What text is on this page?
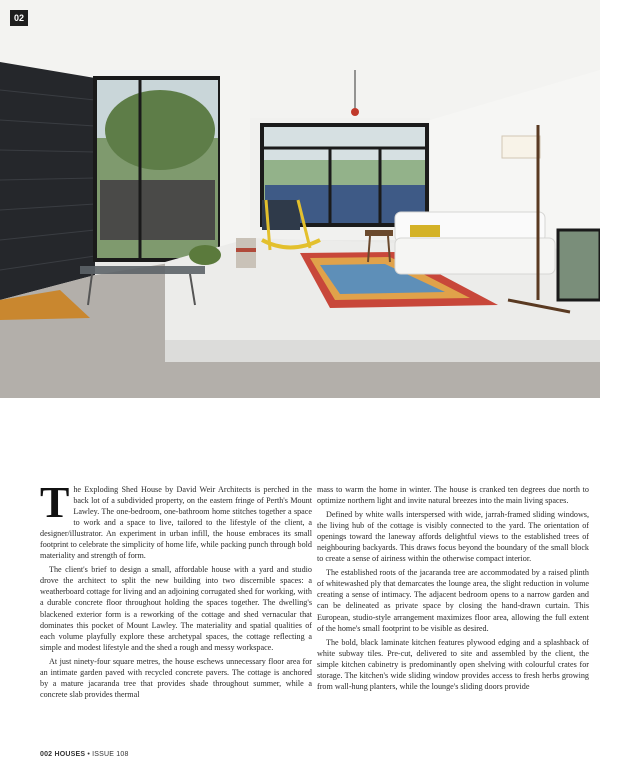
02

The Exploding Shed House by David Weir Architects is perched in the back lot of a subdivided property, on the eastern fringe of Perth's Mount Lawley. The one-bedroom, one-bathroom home stitches together a space to work and a space to live, tailored to the lifestyle of the client, a designer/illustrator. An experiment in urban infill, the house embraces its small footprint to celebrate the simplicity of home life, while packing punch through bold materiality and strength of form.

The client's brief to design a small, affordable house with a yard and studio drove the architect to split the new building into two discernible spaces: a weatherboard cottage for living and an adjoining corrugated shed for working, with a durable concrete floor throughout holding the spaces together. The dwelling's blackened exterior form is a reworking of the cottage and shed vernacular that dominates this pocket of Mount Lawley. The materiality and spatial qualities of each volume playfully explore these archetypal spaces, the cottage reflecting a simple and modest lifestyle and the shed a rough and messy workspace.

At just ninety-four square metres, the house eschews unnecessary floor area for an intimate garden paved with recycled concrete pavers. The cottage is anchored by a mature jacaranda tree that provides shade throughout summer, while a concrete slab provides thermal

mass to warm the home in winter. The house is cranked ten degrees due north to optimize northern light and invite natural breezes into the main living spaces.

Defined by white walls interspersed with wide, jarrah-framed sliding windows, the living hub of the cottage is visibly connected to the yard. The orientation of openings toward the laneway affords delightful views to the established trees of neighbouring backyards. This draws focus beyond the boundary of the small block to create a sense of airiness within the otherwise compact interior.

The established roots of the jacaranda tree are accommodated by a raised plinth of whitewashed ply that demarcates the lounge area, the slight reduction in volume creating a sense of intimacy. The adjacent bedroom opens to a narrow garden and can be delineated as private space by closing the hand-drawn curtain. This European, studio-style arrangement maximizes floor area, allowing the full extent of the home's small footprint to be visible as desired.

The bold, black laminate kitchen features plywood edging and a splashback of white subway tiles. Pre-cut, delivered to site and assembled by the client, the simple kitchen cabinetry is predominantly open shelving with colourful crates for storage. The kitchen's wide sliding window provides access to fresh herbs growing from wall-hung planters, while the lounge's sliding doors provide

002 HOUSES • ISSUE 108
